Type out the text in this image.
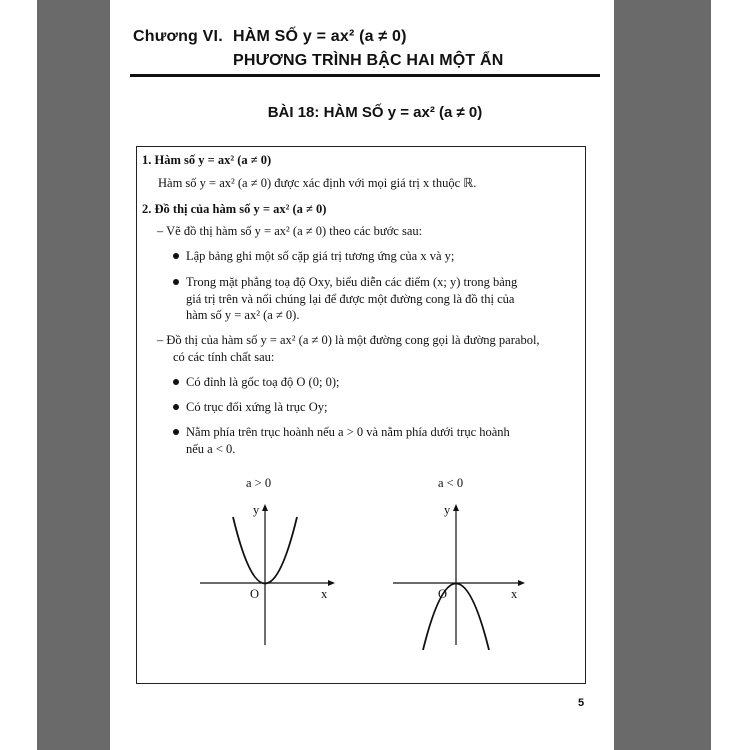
Chương VI. HÀM SỐ y = ax² (a ≠ 0)
PHƯƠNG TRÌNH BẬC HAI MỘT ẨN
BÀI 18: HÀM SỐ y = ax² (a ≠ 0)
1. Hàm số y = ax² (a ≠ 0)
Hàm số y = ax² (a ≠ 0) được xác định với mọi giá trị x thuộc ℝ.
2. Đồ thị của hàm số y = ax² (a ≠ 0)
– Vẽ đồ thị hàm số y = ax² (a ≠ 0) theo các bước sau:
Lập bảng ghi một số cặp giá trị tương ứng của x và y;
Trong mặt phẳng toạ độ Oxy, biểu diễn các điểm (x; y) trong bảng
giá trị trên và nối chúng lại để được một đường cong là đồ thị của
hàm số y = ax² (a ≠ 0).
– Đồ thị của hàm số y = ax² (a ≠ 0) là một đường cong gọi là đường parabol,
có các tính chất sau:
Có đỉnh là gốc toạ độ O (0; 0);
Có trục đối xứng là trục Oy;
Nằm phía trên trục hoành nếu a > 0 và nằm phía dưới trục hoành
nếu a < 0.
a > 0
y
x
O
a < 0
y
x
O
5
